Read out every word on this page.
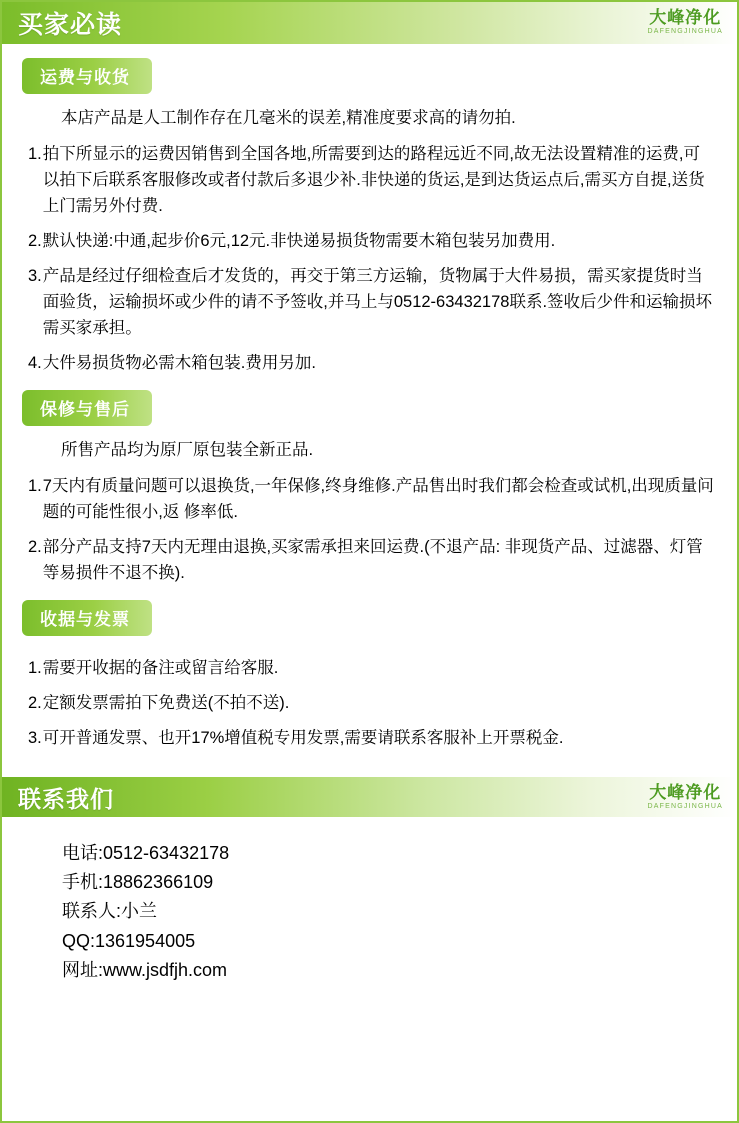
买家必读	大峰净化
DAFENGJINGHUA
运费与收货

本店产品是人工制作存在几毫米的误差,精准度要求高的请勿拍.

1. 拍下所显示的运费因销售到全国各地,所需要到达的路程远近不同,故无法设置精准的运费,可以拍下后联系客服修改或者付款后多退少补.非快递的货运,是到达货运点后,需买方自提,送货上门需另外付费.
2. 默认快递:中通,起步价6元,12元.非快递易损货物需要木箱包装另加费用.
3. 产品是经过仔细检查后才发货的，再交于第三方运输，货物属于大件易损，需买家提货时当面验货，运输损坏或少件的请不予签收,并马上与0512-63432178联系.签收后少件和运输损坏需买家承担。
4. 大件易损货物必需木箱包装.费用另加.
保修与售后

所售产品均为原厂原包装全新正品.

1. 7天内有质量问题可以退换货,一年保修,终身维修.产品售出时我们都会检查或试机,出现质量问题的可能性很小,返 修率低.
2. 部分产品支持7天内无理由退换,买家需承担来回运费.(不退产品: 非现货产品、过滤器、灯管等易损件不退不换).
收据与发票
1. 需要开收据的备注或留言给客服.
2. 定额发票需拍下免费送(不拍不送).
3. 可开普通发票、也开17%增值税专用发票,需要请联系客服补上开票税金.
联系我们	大峰净化
DAFENGJINGHUA
电话:0512-63432178
手机:18862366109
联系人:小兰
QQ:1361954005
网址:www.jsdfjh.com
